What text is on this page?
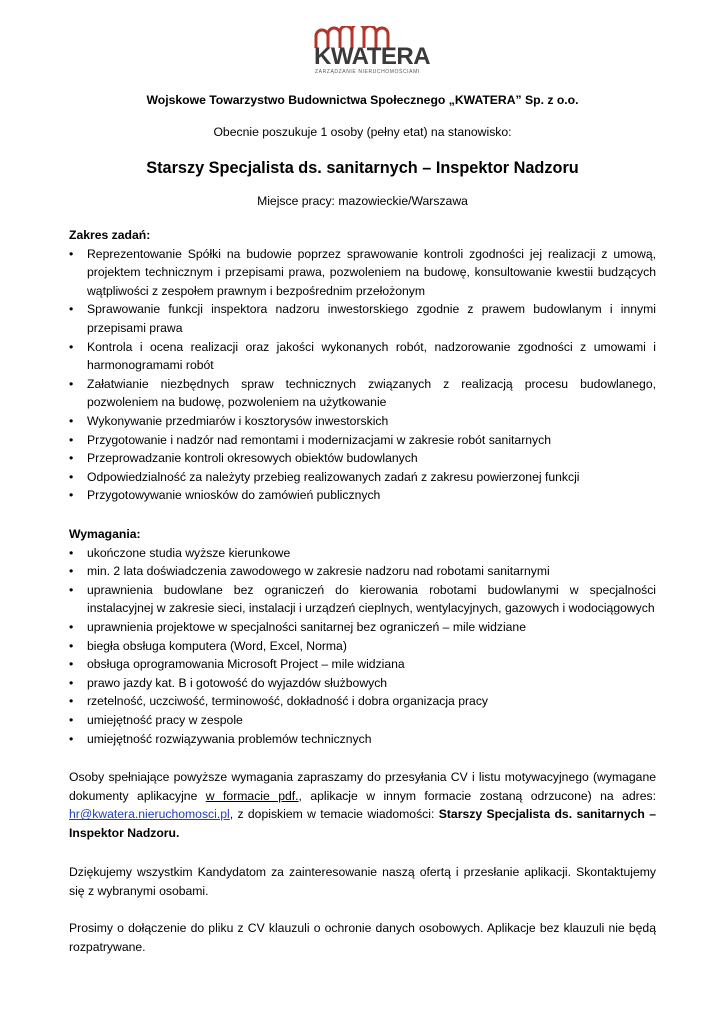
KWATERA
ZARZĄDZANIE NIERUCHOMOŚCIAMI
Wojskowe Towarzystwo Budownictwa Społecznego „KWATERA” Sp. z o.o.
Obecnie poszukuje 1 osoby (pełny etat) na stanowisko:
Starszy Specjalista ds. sanitarnych – Inspektor Nadzoru
Miejsce pracy: mazowieckie/Warszawa
Zakres zadań:
• Reprezentowanie Spółki na budowie poprzez sprawowanie kontroli zgodności jej realizacji z umową, projektem technicznym i przepisami prawa, pozwoleniem na budowę, konsultowanie kwestii budzących wątpliwości z zespołem prawnym i bezpośrednim przełożonym
• Sprawowanie funkcji inspektora nadzoru inwestorskiego zgodnie z prawem budowlanym i innymi przepisami prawa
• Kontrola i ocena realizacji oraz jakości wykonanych robót, nadzorowanie zgodności z umowami i harmonogramami robót
• Załatwianie niezbędnych spraw technicznych związanych z realizacją procesu budowlanego, pozwoleniem na budowę, pozwoleniem na użytkowanie
• Wykonywanie przedmiarów i kosztorysów inwestorskich
• Przygotowanie i nadzór nad remontami i modernizacjami w zakresie robót sanitarnych
• Przeprowadzanie kontroli okresowych obiektów budowlanych
• Odpowiedzialność za należyty przebieg realizowanych zadań z zakresu powierzonej funkcji
• Przygotowywanie wniosków do zamówień publicznych
Wymagania:
• ukończone studia wyższe kierunkowe
• min. 2 lata doświadczenia zawodowego w zakresie nadzoru nad robotami sanitarnymi
• uprawnienia budowlane bez ograniczeń do kierowania robotami budowlanymi w specjalności instalacyjnej w zakresie sieci, instalacji i urządzeń cieplnych, wentylacyjnych, gazowych i wodociągowych
• uprawnienia projektowe w specjalności sanitarnej bez ograniczeń – mile widziane
• biegła obsługa komputera (Word, Excel, Norma)
• obsługa oprogramowania Microsoft Project – mile widziana
• prawo jazdy kat. B i gotowość do wyjazdów służbowych
• rzetelność, uczciwość, terminowość, dokładność i dobra organizacja pracy
• umiejętność pracy w zespole
• umiejętność rozwiązywania problemów technicznych
Osoby spełniające powyższe wymagania zapraszamy do przesyłania CV i listu motywacyjnego (wymagane dokumenty aplikacyjne w formacie pdf., aplikacje w innym formacie zostaną odrzucone) na adres: hr@kwatera.nieruchomosci.pl, z dopiskiem w temacie wiadomości: Starszy Specjalista ds. sanitarnych – Inspektor Nadzoru.
Dziękujemy wszystkim Kandydatom za zainteresowanie naszą ofertą i przesłanie aplikacji. Skontaktujemy się z wybranymi osobami.
Prosimy o dołączenie do pliku z CV klauzuli o ochronie danych osobowych. Aplikacje bez klauzuli nie będą rozpatrywane.
